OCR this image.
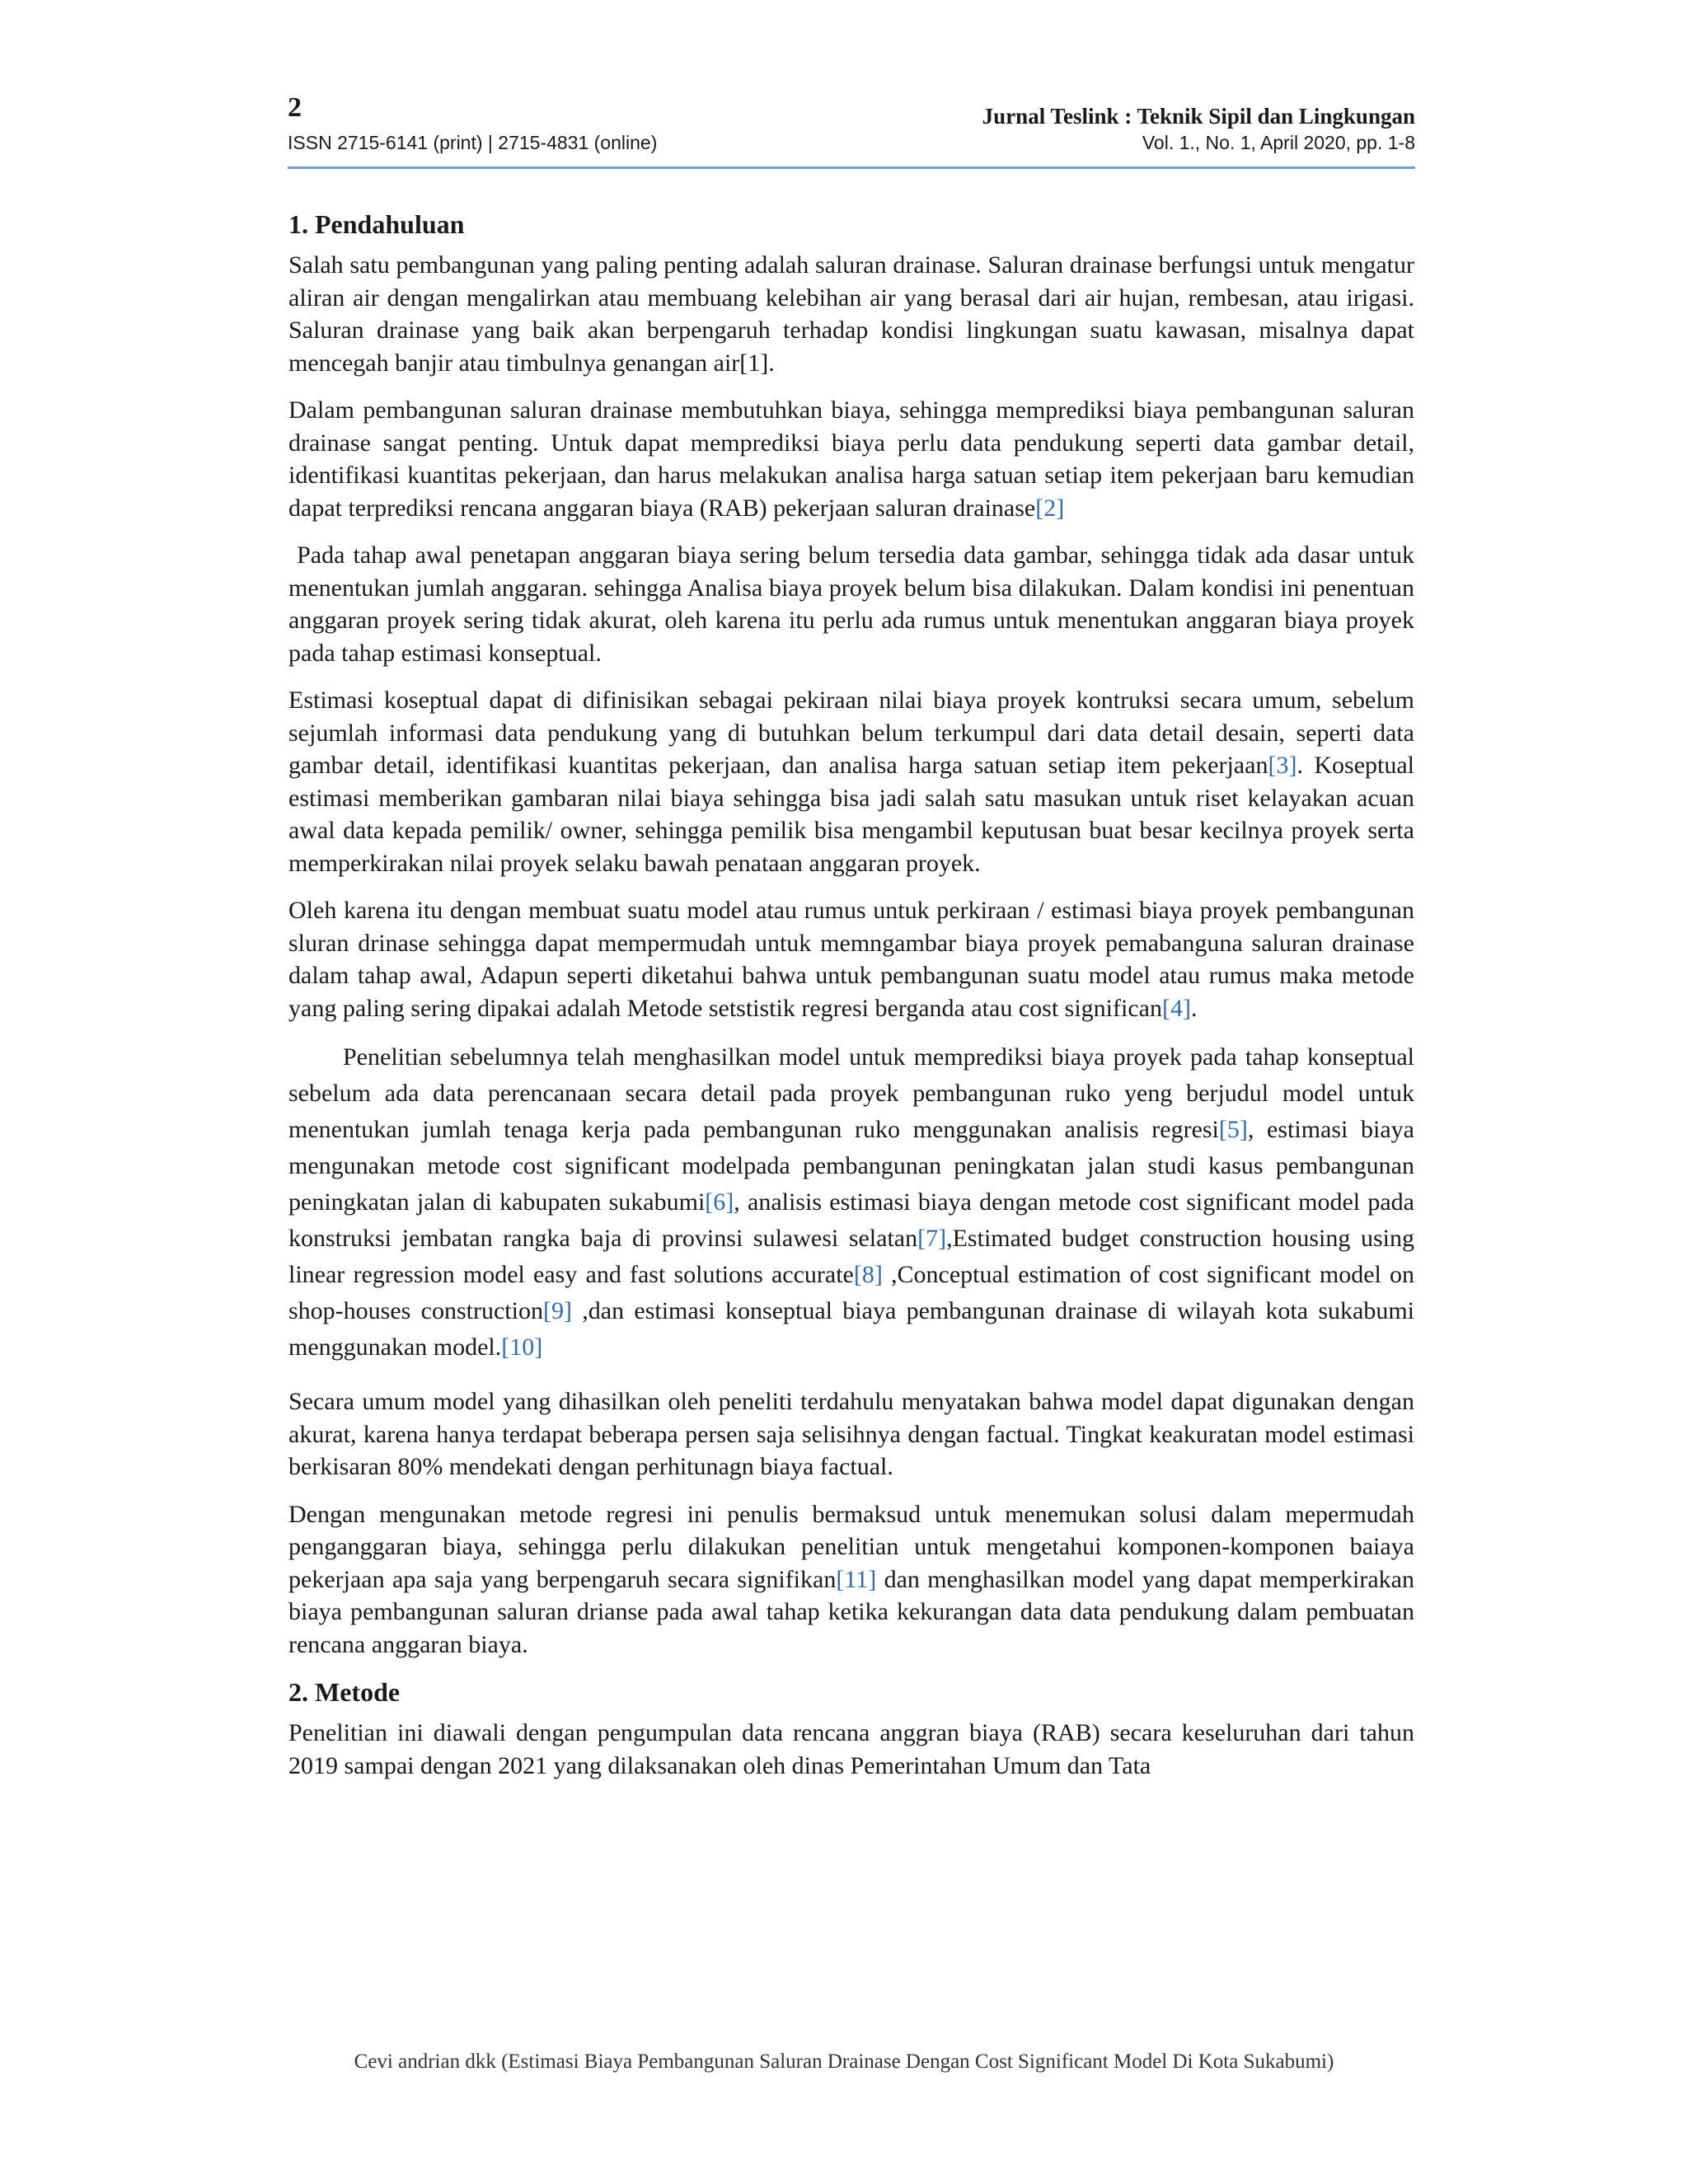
2
ISSN 2715-6141 (print) | 2715-4831 (online)
Jurnal Teslink : Teknik Sipil dan Lingkungan
Vol. 1., No. 1, April 2020, pp. 1-8
1. Pendahuluan

Salah satu pembangunan yang paling penting adalah saluran drainase. Saluran drainase berfungsi untuk mengatur aliran air dengan mengalirkan atau membuang kelebihan air yang berasal dari air hujan, rembesan, atau irigasi. Saluran drainase yang baik akan berpengaruh terhadap kondisi lingkungan suatu kawasan, misalnya dapat mencegah banjir atau timbulnya genangan air[1].

Dalam pembangunan saluran drainase membutuhkan biaya, sehingga memprediksi biaya pembangunan saluran drainase sangat penting. Untuk dapat memprediksi biaya perlu data pendukung seperti data gambar detail, identifikasi kuantitas pekerjaan, dan harus melakukan analisa harga satuan setiap item pekerjaan baru kemudian dapat terprediksi rencana anggaran biaya (RAB) pekerjaan saluran drainase[2]

Pada tahap awal penetapan anggaran biaya sering belum tersedia data gambar, sehingga tidak ada dasar untuk menentukan jumlah anggaran. sehingga Analisa biaya proyek belum bisa dilakukan. Dalam kondisi ini penentuan anggaran proyek sering tidak akurat, oleh karena itu perlu ada rumus untuk menentukan anggaran biaya proyek pada tahap estimasi konseptual.

Estimasi koseptual dapat di difinisikan sebagai pekiraan nilai biaya proyek kontruksi secara umum, sebelum sejumlah informasi data pendukung yang di butuhkan belum terkumpul dari data detail desain, seperti data gambar detail, identifikasi kuantitas pekerjaan, dan analisa harga satuan setiap item pekerjaan[3]. Koseptual estimasi memberikan gambaran nilai biaya sehingga bisa jadi salah satu masukan untuk riset kelayakan acuan awal data kepada pemilik/ owner, sehingga pemilik bisa mengambil keputusan buat besar kecilnya proyek serta memperkirakan nilai proyek selaku bawah penataan anggaran proyek.

Oleh karena itu dengan membuat suatu model atau rumus untuk perkiraan / estimasi biaya proyek pembangunan sluran drinase sehingga dapat mempermudah untuk memngambar biaya proyek pemabanguna saluran drainase dalam tahap awal, Adapun seperti diketahui bahwa untuk pembangunan suatu model atau rumus maka metode yang paling sering dipakai adalah Metode setstistik regresi berganda atau cost significan[4].

Penelitian sebelumnya telah menghasilkan model untuk memprediksi biaya proyek pada tahap konseptual sebelum ada data perencanaan secara detail pada proyek pembangunan ruko yeng berjudul model untuk menentukan jumlah tenaga kerja pada pembangunan ruko menggunakan analisis regresi[5], estimasi biaya mengunakan metode cost significant modelpada pembangunan peningkatan jalan studi kasus pembangunan peningkatan jalan di kabupaten sukabumi[6], analisis estimasi biaya dengan metode cost significant model pada konstruksi jembatan rangka baja di provinsi sulawesi selatan[7],Estimated budget construction housing using linear regression model easy and fast solutions accurate[8] ,Conceptual estimation of cost significant model on shop-houses construction[9] ,dan estimasi konseptual biaya pembangunan drainase di wilayah kota sukabumi menggunakan model.[10]

Secara umum model yang dihasilkan oleh peneliti terdahulu menyatakan bahwa model dapat digunakan dengan akurat, karena hanya terdapat beberapa persen saja selisihnya dengan factual. Tingkat keakuratan model estimasi berkisaran 80% mendekati dengan perhitunagn biaya factual.

Dengan mengunakan metode regresi ini penulis bermaksud untuk menemukan solusi dalam mepermudah penganggaran biaya, sehingga perlu dilakukan penelitian untuk mengetahui komponen-komponen baiaya pekerjaan apa saja yang berpengaruh secara signifikan[11] dan menghasilkan model yang dapat memperkirakan biaya pembangunan saluran driansе pada awal tahap ketika kekurangan data data pendukung dalam pembuatan rencana anggaran biaya.

2. Metode

Penelitian ini diawali dengan pengumpulan data rencana anggran biaya (RAB) secara keseluruhan dari tahun 2019 sampai dengan 2021 yang dilaksanakan oleh dinas Pemerintahan Umum dan Tata

Cevi andrian dkk (Estimasi Biaya Pembangunan Saluran Drainase Dengan Cost Significant Model Di Kota Sukabumi)
